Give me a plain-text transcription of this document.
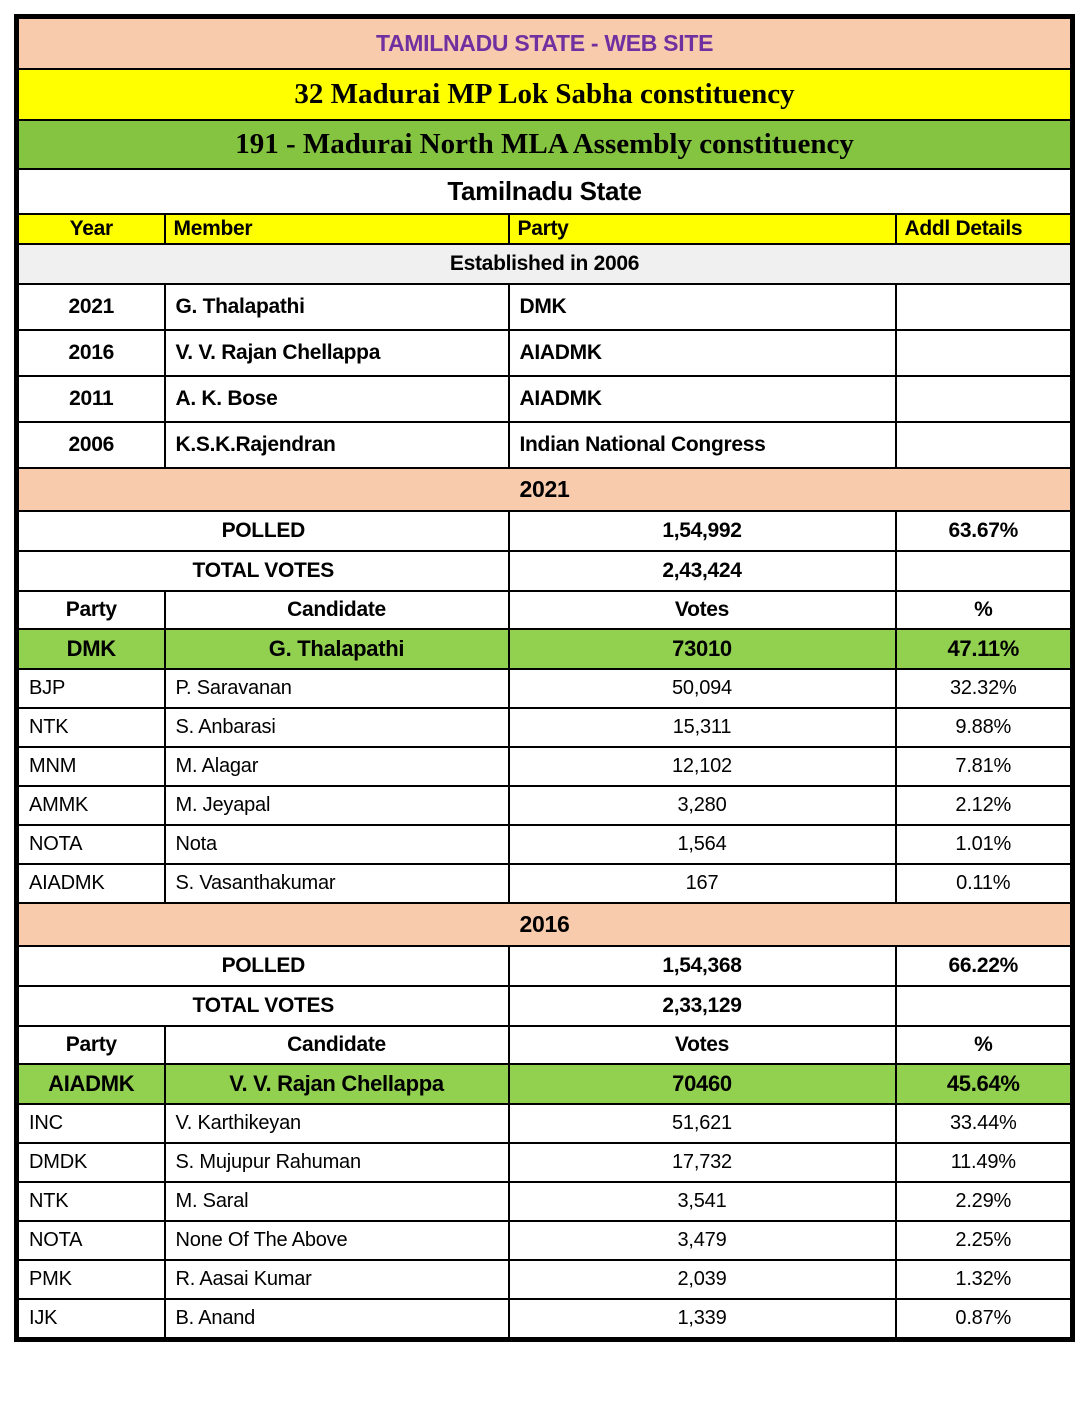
TAMILNADU STATE - WEB SITE			
32 Madurai MP Lok Sabha constituency			
191 - Madurai North MLA Assembly constituency			
Tamilnadu State			
Year	Member	Party	Addl Details
Established in 2006			
2021	G. Thalapathi	DMK	
2016	V. V. Rajan Chellappa	AIADMK	
2011	A. K. Bose	AIADMK	
2006	K.S.K.Rajendran	Indian National Congress	
2021			
POLLED		1,54,992	63.67%
TOTAL VOTES		2,43,424	
Party	Candidate	Votes	%
DMK	G. Thalapathi	73010	47.11%
BJP	P. Saravanan	50,094	32.32%
NTK	S. Anbarasi	15,311	9.88%
MNM	M. Alagar	12,102	7.81%
AMMK	M. Jeyapal	3,280	2.12%
NOTA	Nota	1,564	1.01%
AIADMK	S. Vasanthakumar	167	0.11%
2016			
POLLED		1,54,368	66.22%
TOTAL VOTES		2,33,129	
Party	Candidate	Votes	%
AIADMK	V. V. Rajan Chellappa	70460	45.64%
INC	V. Karthikeyan	51,621	33.44%
DMDK	S. Mujupur Rahuman	17,732	11.49%
NTK	M. Saral	3,541	2.29%
NOTA	None Of The Above	3,479	2.25%
PMK	R. Aasai Kumar	2,039	1.32%
IJK	B. Anand	1,339	0.87%
